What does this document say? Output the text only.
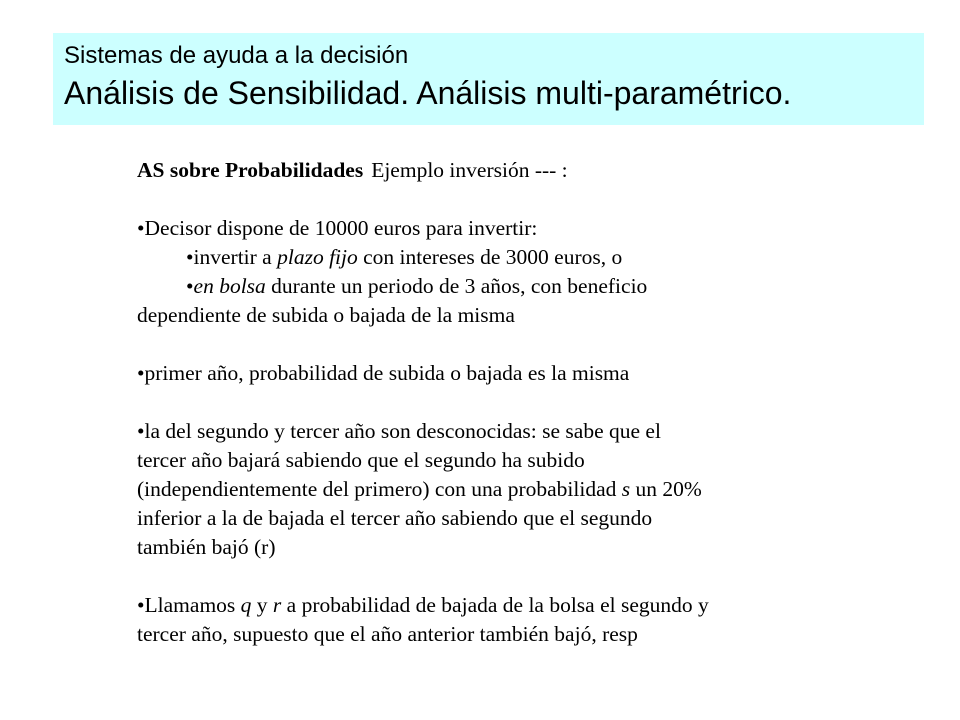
Sistemas de ayuda a la decisión
Análisis de Sensibilidad. Análisis multi-paramétrico.
AS sobre Probabilidades Ejemplo inversión --- :
•Decisor dispone de 10000 euros para invertir:
•invertir a plazo fijo con intereses de 3000 euros, o
•en bolsa durante un periodo de 3 años, con beneficio
dependiente de subida o bajada de la misma
•primer año, probabilidad de subida o bajada es la misma
•la del segundo y tercer año son desconocidas: se sabe que el
tercer año bajará sabiendo que el segundo ha subido
(independientemente del primero) con una probabilidad s un 20%
inferior a la de bajada el tercer año sabiendo que el segundo
también bajó (r)
•Llamamos q y r a probabilidad de bajada de la bolsa el segundo y
tercer año, supuesto que el año anterior también bajó, resp
